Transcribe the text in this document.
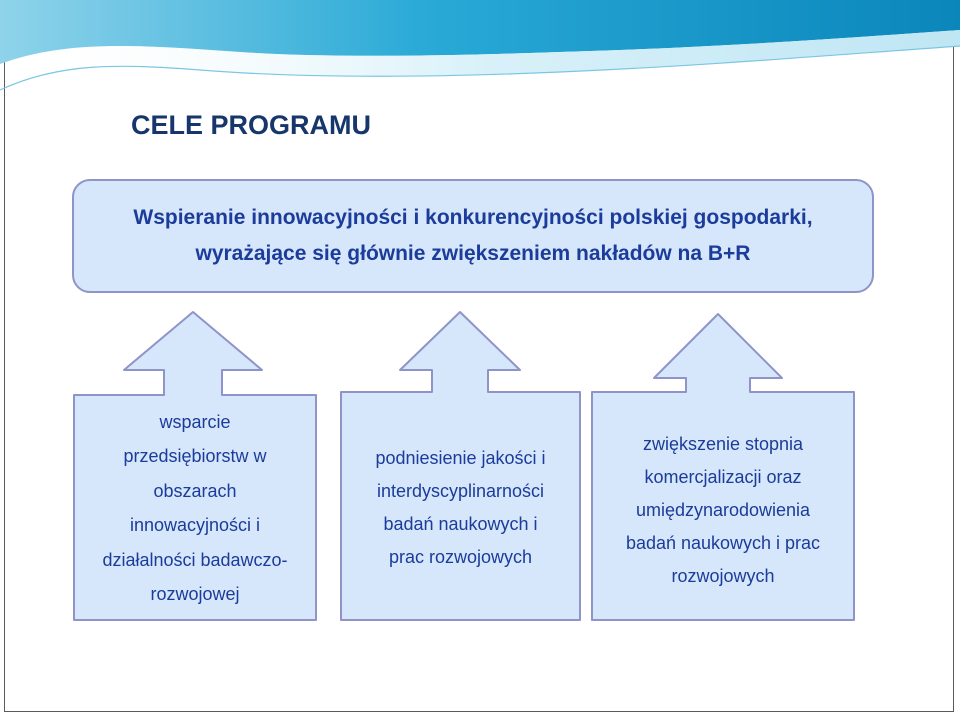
CELE PROGRAMU
Wspieranie innowacyjności i konkurencyjności polskiej gospodarki,
wyrażające się głównie zwiększeniem nakładów na B+R
wsparcie
przedsiębiorstw w
obszarach
innowacyjności i
działalności badawczo-
rozwojowej
podniesienie jakości i
interdyscyplinarności
badań naukowych i
prac rozwojowych
zwiększenie stopnia
komercjalizacji oraz
umiędzynarodowienia
badań naukowych i prac
rozwojowych
